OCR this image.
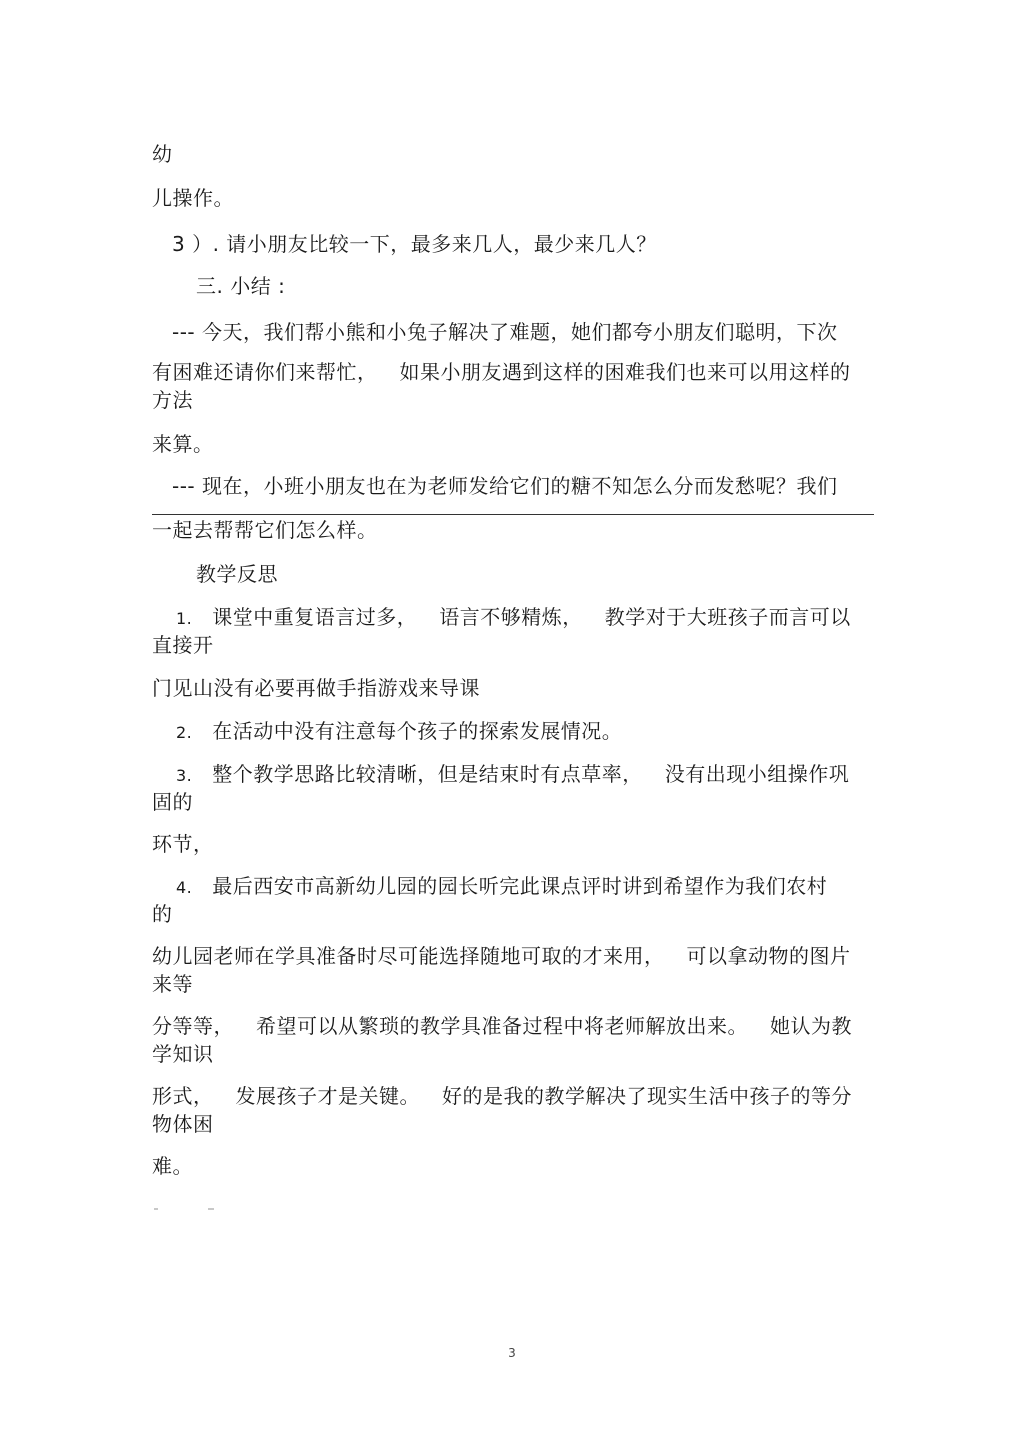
幼
儿操作。
3 ）. 请小朋友比较一下，最多来几人，最少来几人？
三. 小结 :
--- 今天，我们帮小熊和小兔子解决了难题，她们都夸小朋友们聪明，下次
有困难还请你们来帮忙， 如果小朋友遇到这样的困难我们也来可以用这样的
方法
来算。
--- 现在，小班小朋友也在为老师发给它们的糖不知怎么分而发愁呢？我们
一起去帮帮它们怎么样。
教学反思
1. 课堂中重复语言过多， 语言不够精炼， 教学对于大班孩子而言可以
直接开
门见山没有必要再做手指游戏来导课
2. 在活动中没有注意每个孩子的探索发展情况。
3. 整个教学思路比较清晰，但是结束时有点草率， 没有出现小组操作巩
固的
环节，
4. 最后西安市高新幼儿园的园长听完此课点评时讲到希望作为我们农村
的
幼儿园老师在学具准备时尽可能选择随地可取的才来用， 可以拿动物的图片
来等
分等等， 希望可以从繁琐的教学具准备过程中将老师解放出来。 她认为教
学知识
形式， 发展孩子才是关键。 好的是我的教学解决了现实生活中孩子的等分
物体困
难。
3
